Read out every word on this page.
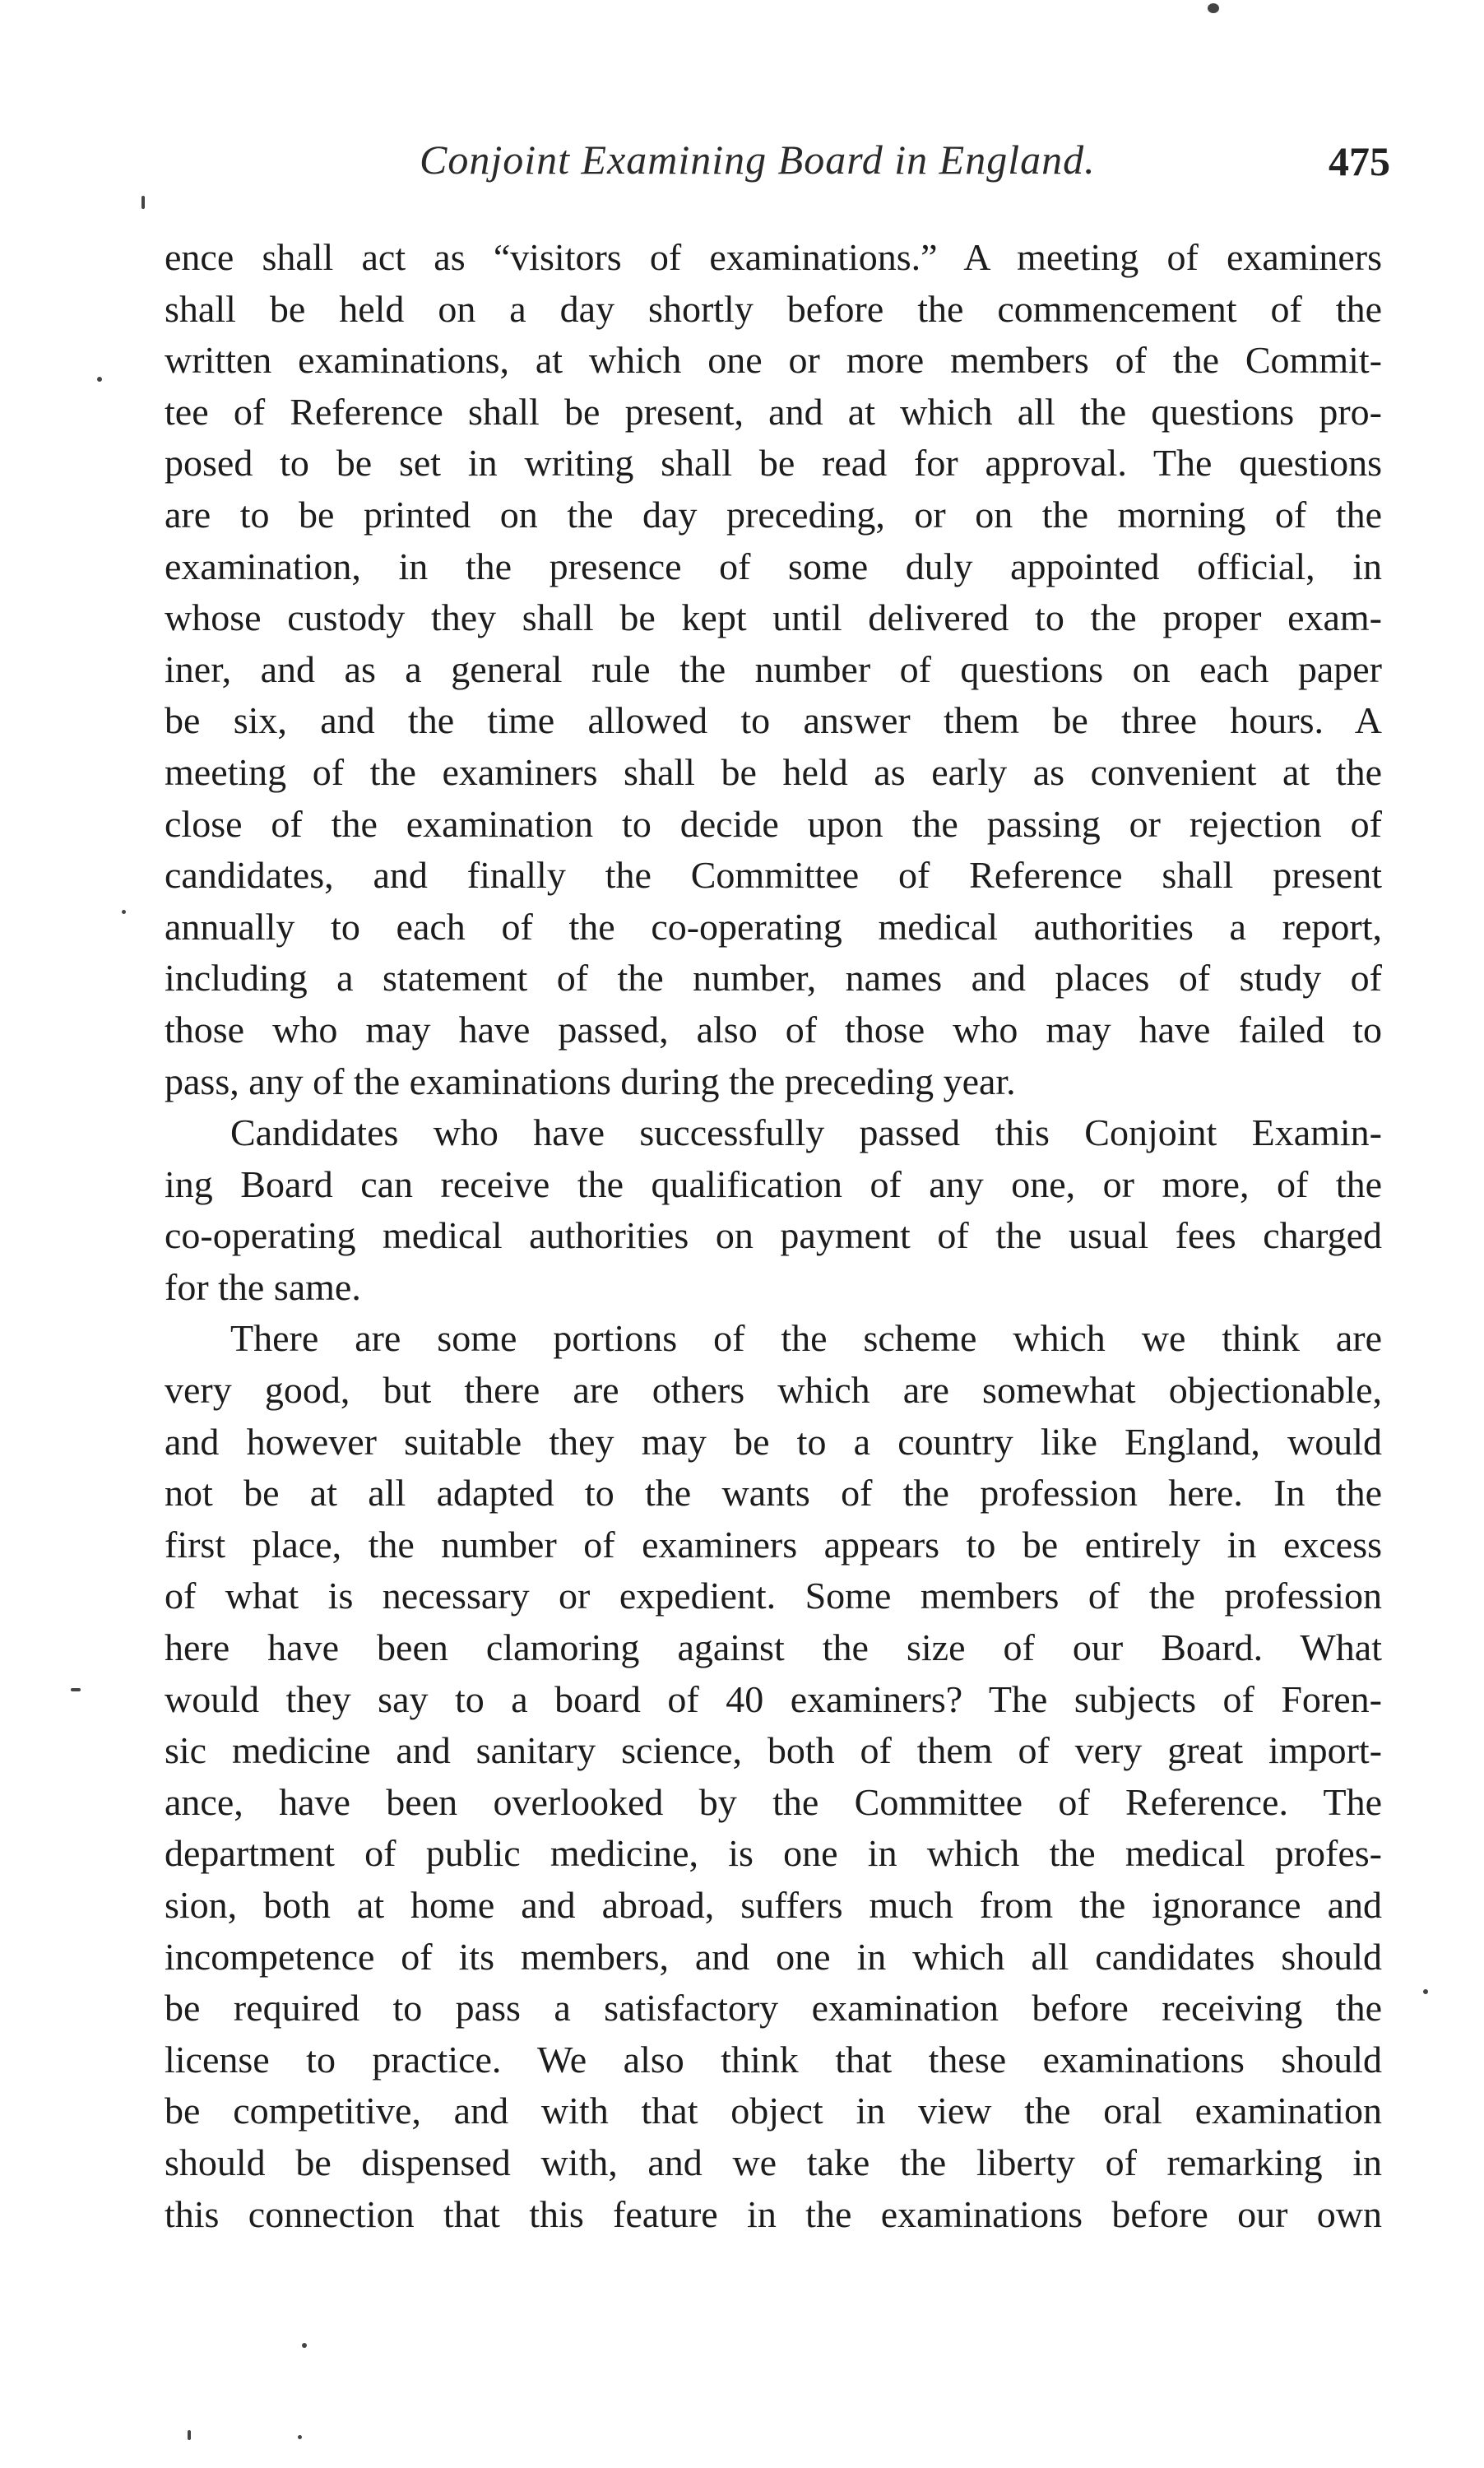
Conjoint Examining Board in England.	475
ence shall act as “visitors of examinations.” A meeting of examiners
shall be held on a day shortly before the commencement of the
written examinations, at which one or more members of the Commit-
tee of Reference shall be present, and at which all the questions pro-
posed to be set in writing shall be read for approval. The questions
are to be printed on the day preceding, or on the morning of the
examination, in the presence of some duly appointed official, in
whose custody they shall be kept until delivered to the proper exam-
iner, and as a general rule the number of questions on each paper
be six, and the time allowed to answer them be three hours. A
meeting of the examiners shall be held as early as convenient at the
close of the examination to decide upon the passing or rejection of
candidates, and finally the Committee of Reference shall present
annually to each of the co-operating medical authorities a report,
including a statement of the number, names and places of study of
those who may have passed, also of those who may have failed to
pass, any of the examinations during the preceding year.
Candidates who have successfully passed this Conjoint Examin-
ing Board can receive the qualification of any one, or more, of the
co-operating medical authorities on payment of the usual fees charged
for the same.
There are some portions of the scheme which we think are
very good, but there are others which are somewhat objectionable,
and however suitable they may be to a country like England, would
not be at all adapted to the wants of the profession here. In the
first place, the number of examiners appears to be entirely in excess
of what is necessary or expedient. Some members of the profession
here have been clamoring against the size of our Board. What
would they say to a board of 40 examiners? The subjects of Foren-
sic medicine and sanitary science, both of them of very great import-
ance, have been overlooked by the Committee of Reference. The
department of public medicine, is one in which the medical profes-
sion, both at home and abroad, suffers much from the ignorance and
incompetence of its members, and one in which all candidates should
be required to pass a satisfactory examination before receiving the
license to practice. We also think that these examinations should
be competitive, and with that object in view the oral examination
should be dispensed with, and we take the liberty of remarking in
this connection that this feature in the examinations before our own
